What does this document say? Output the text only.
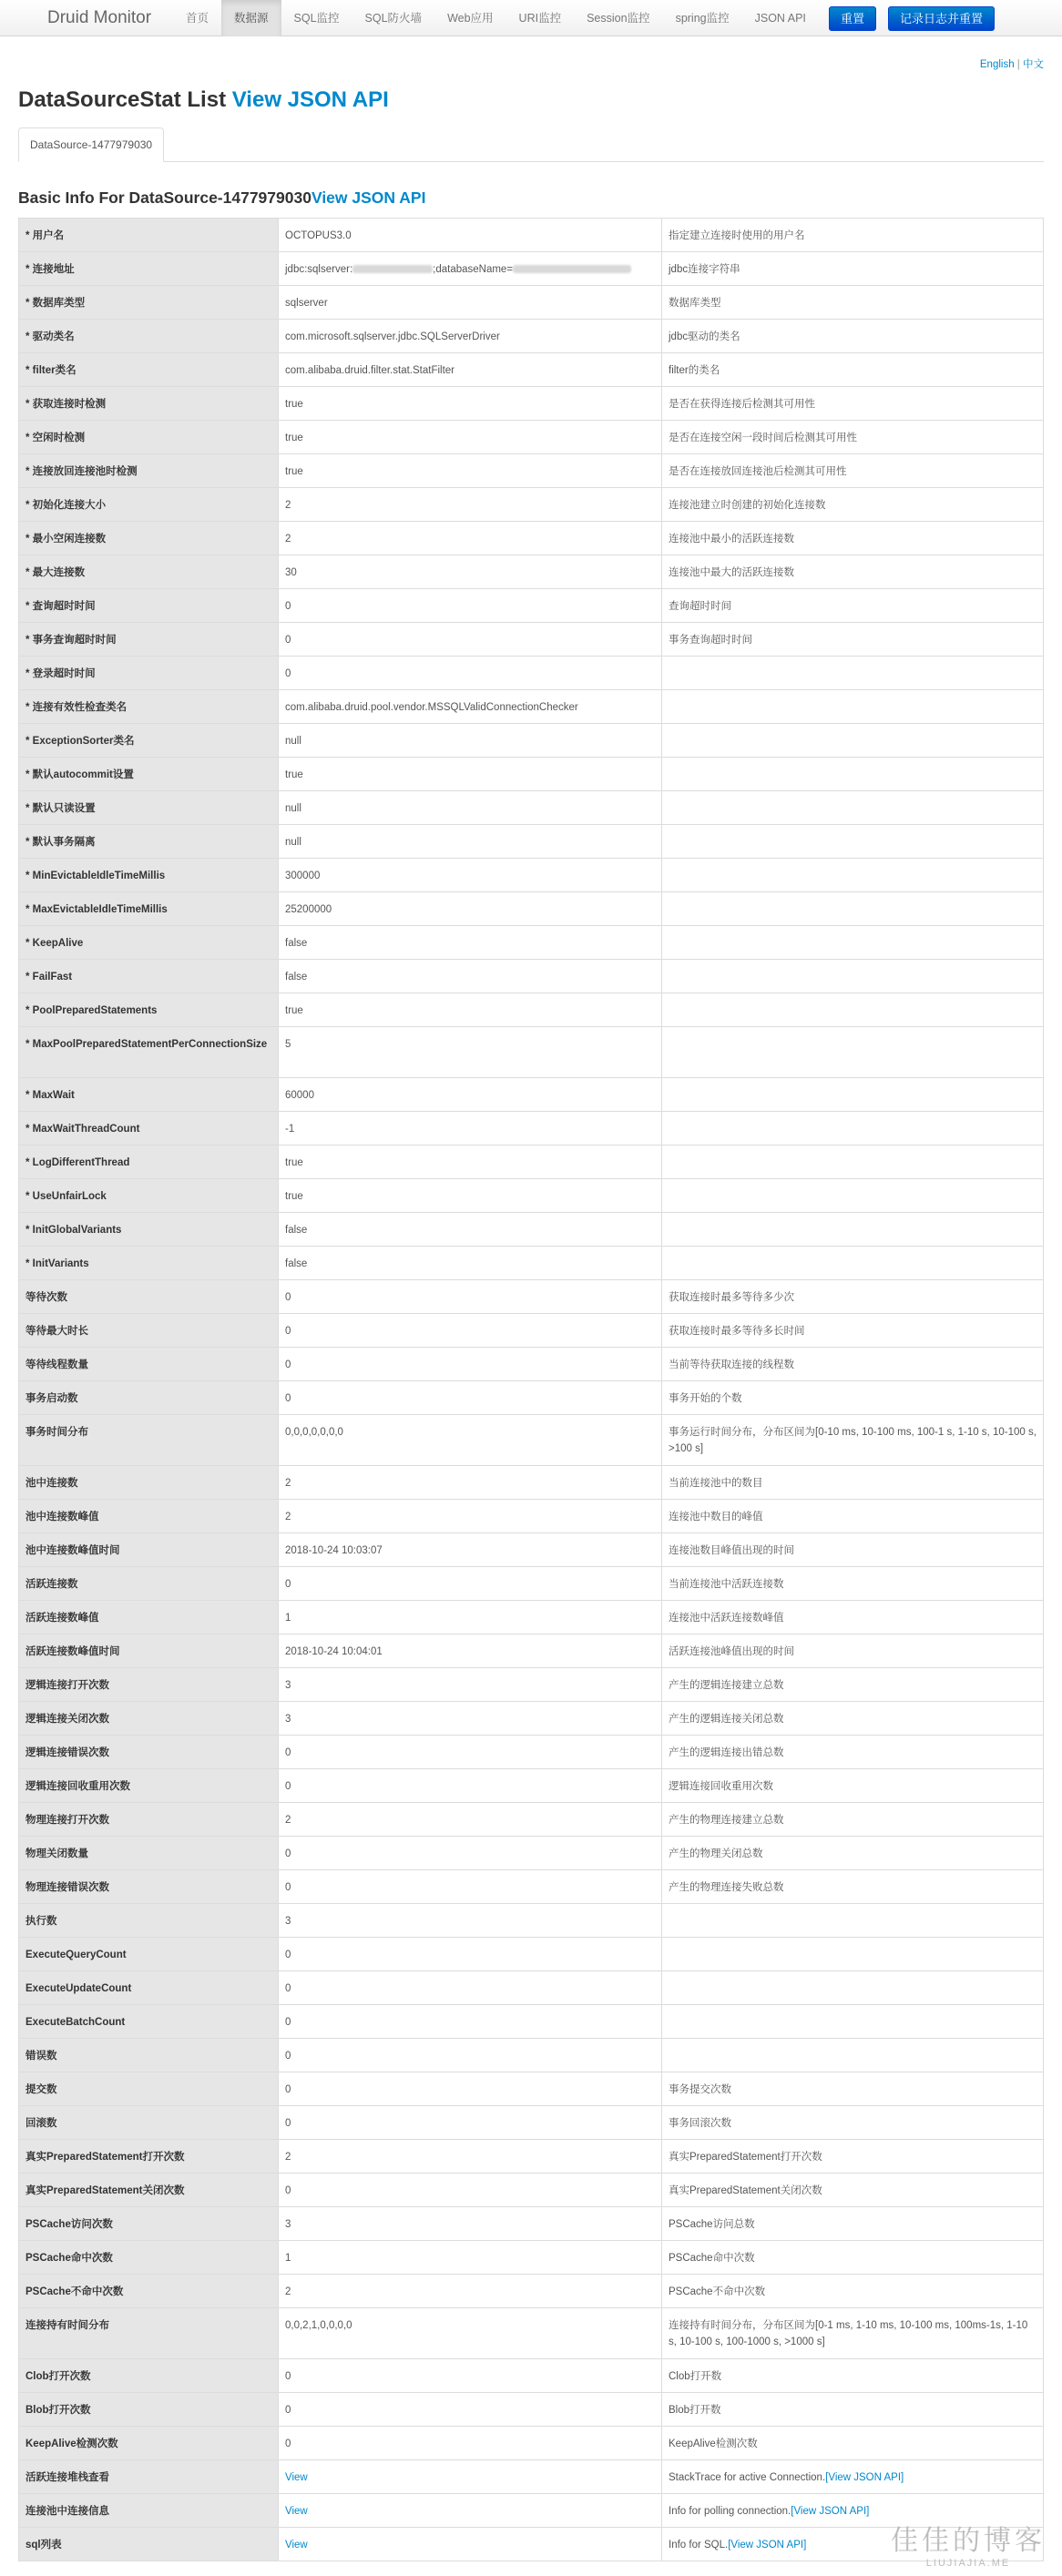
Druid Monitor	首页	数据源	SQL监控	SQL防火墙	Web应用	URI监控	Session监控	spring监控	JSON API	重置	记录日志并重置
English | 中文
DataSourceStat List View JSON API
DataSource-1477979030
Basic Info For DataSource-1477979030View JSON API
* 用户名	OCTOPUS3.0	指定建立连接时使用的用户名
* 连接地址	jdbc:sqlserver: ;databaseName=	jdbc连接字符串
* 数据库类型	sqlserver	数据库类型
* 驱动类名	com.microsoft.sqlserver.jdbc.SQLServerDriver	jdbc驱动的类名
* filter类名	com.alibaba.druid.filter.stat.StatFilter	filter的类名
* 获取连接时检测	true	是否在获得连接后检测其可用性
* 空闲时检测	true	是否在连接空闲一段时间后检测其可用性
* 连接放回连接池时检测	true	是否在连接放回连接池后检测其可用性
* 初始化连接大小	2	连接池建立时创建的初始化连接数
* 最小空闲连接数	2	连接池中最小的活跃连接数
* 最大连接数	30	连接池中最大的活跃连接数
* 查询超时时间	0	查询超时时间
* 事务查询超时时间	0	事务查询超时时间
* 登录超时时间	0	
* 连接有效性检查类名	com.alibaba.druid.pool.vendor.MSSQLValidConnectionChecker	
* ExceptionSorter类名	null	
* 默认autocommit设置	true	
* 默认只读设置	null	
* 默认事务隔离	null	
* MinEvictableIdleTimeMillis	300000	
* MaxEvictableIdleTimeMillis	25200000	
* KeepAlive	false	
* FailFast	false	
* PoolPreparedStatements	true	
* MaxPoolPreparedStatementPerConnectionSize	5	
* MaxWait	60000	
* MaxWaitThreadCount	-1	
* LogDifferentThread	true	
* UseUnfairLock	true	
* InitGlobalVariants	false	
* InitVariants	false	
等待次数	0	获取连接时最多等待多少次
等待最大时长	0	获取连接时最多等待多长时间
等待线程数量	0	当前等待获取连接的线程数
事务启动数	0	事务开始的个数
事务时间分布	0,0,0,0,0,0,0	事务运行时间分布，分布区间为[0-10 ms, 10-100 ms, 100-1 s, 1-10 s, 10-100 s, >100 s]
池中连接数	2	当前连接池中的数目
池中连接数峰值	2	连接池中数目的峰值
池中连接数峰值时间	2018-10-24 10:03:07	连接池数目峰值出现的时间
活跃连接数	0	当前连接池中活跃连接数
活跃连接数峰值	1	连接池中活跃连接数峰值
活跃连接数峰值时间	2018-10-24 10:04:01	活跃连接池峰值出现的时间
逻辑连接打开次数	3	产生的逻辑连接建立总数
逻辑连接关闭次数	3	产生的逻辑连接关闭总数
逻辑连接错误次数	0	产生的逻辑连接出错总数
逻辑连接回收重用次数	0	逻辑连接回收重用次数
物理连接打开次数	2	产生的物理连接建立总数
物理关闭数量	0	产生的物理关闭总数
物理连接错误次数	0	产生的物理连接失败总数
执行数	3	
ExecuteQueryCount	0	
ExecuteUpdateCount	0	
ExecuteBatchCount	0	
错误数	0	
提交数	0	事务提交次数
回滚数	0	事务回滚次数
真实PreparedStatement打开次数	2	真实PreparedStatement打开次数
真实PreparedStatement关闭次数	0	真实PreparedStatement关闭次数
PSCache访问次数	3	PSCache访问总数
PSCache命中次数	1	PSCache命中次数
PSCache不命中次数	2	PSCache不命中次数
连接持有时间分布	0,0,2,1,0,0,0,0	连接持有时间分布，分布区间为[0-1 ms, 1-10 ms, 10-100 ms, 100ms-1s, 1-10 s, 10-100 s, 100-1000 s, >1000 s]
Clob打开次数	0	Clob打开数
Blob打开次数	0	Blob打开数
KeepAlive检测次数	0	KeepAlive检测次数
活跃连接堆栈查看	View	StackTrace for active Connection.[View JSON API]
连接池中连接信息	View	Info for polling connection.[View JSON API]
sql列表	View	Info for SQL.[View JSON API]	佳佳的博客
LIUJIAJIA.ME
